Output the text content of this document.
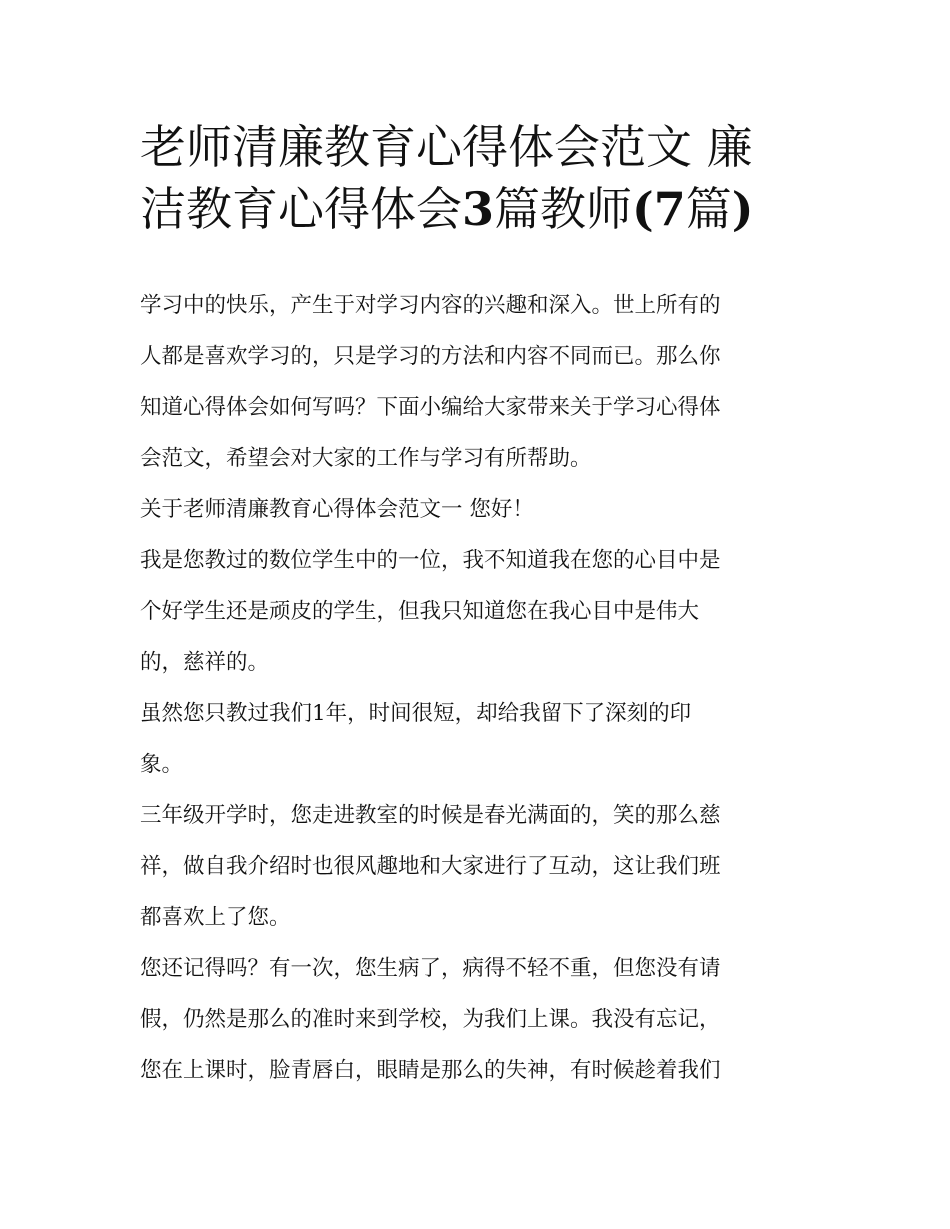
老师清廉教育心得体会范文 廉
洁教育心得体会3篇教师(7篇)

学习中的快乐，产生于对学习内容的兴趣和深入。世上所有的
人都是喜欢学习的，只是学习的方法和内容不同而已。那么你
知道心得体会如何写吗？下面小编给大家带来关于学习心得体
会范文，希望会对大家的工作与学习有所帮助。

关于老师清廉教育心得体会范文一 您好！

我是您教过的数位学生中的一位，我不知道我在您的心目中是
个好学生还是顽皮的学生，但我只知道您在我心目中是伟大
的，慈祥的。

虽然您只教过我们1年，时间很短，却给我留下了深刻的印
象。

三年级开学时，您走进教室的时候是春光满面的，笑的那么慈
祥，做自我介绍时也很风趣地和大家进行了互动，这让我们班
都喜欢上了您。

您还记得吗？有一次，您生病了，病得不轻不重，但您没有请
假，仍然是那么的准时来到学校，为我们上课。我没有忘记，
您在上课时，脸青唇白，眼睛是那么的失神，有时候趁着我们
